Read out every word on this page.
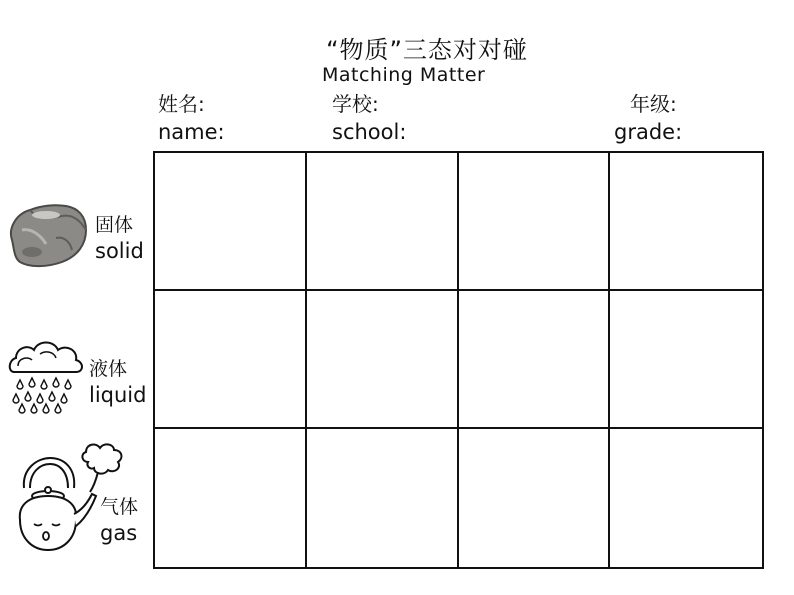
“物质”三态对对碰
Matching Matter
姓名:
name:
学校:
school:
年级:
grade:
固体
solid
液体
liquid
气体
gas
